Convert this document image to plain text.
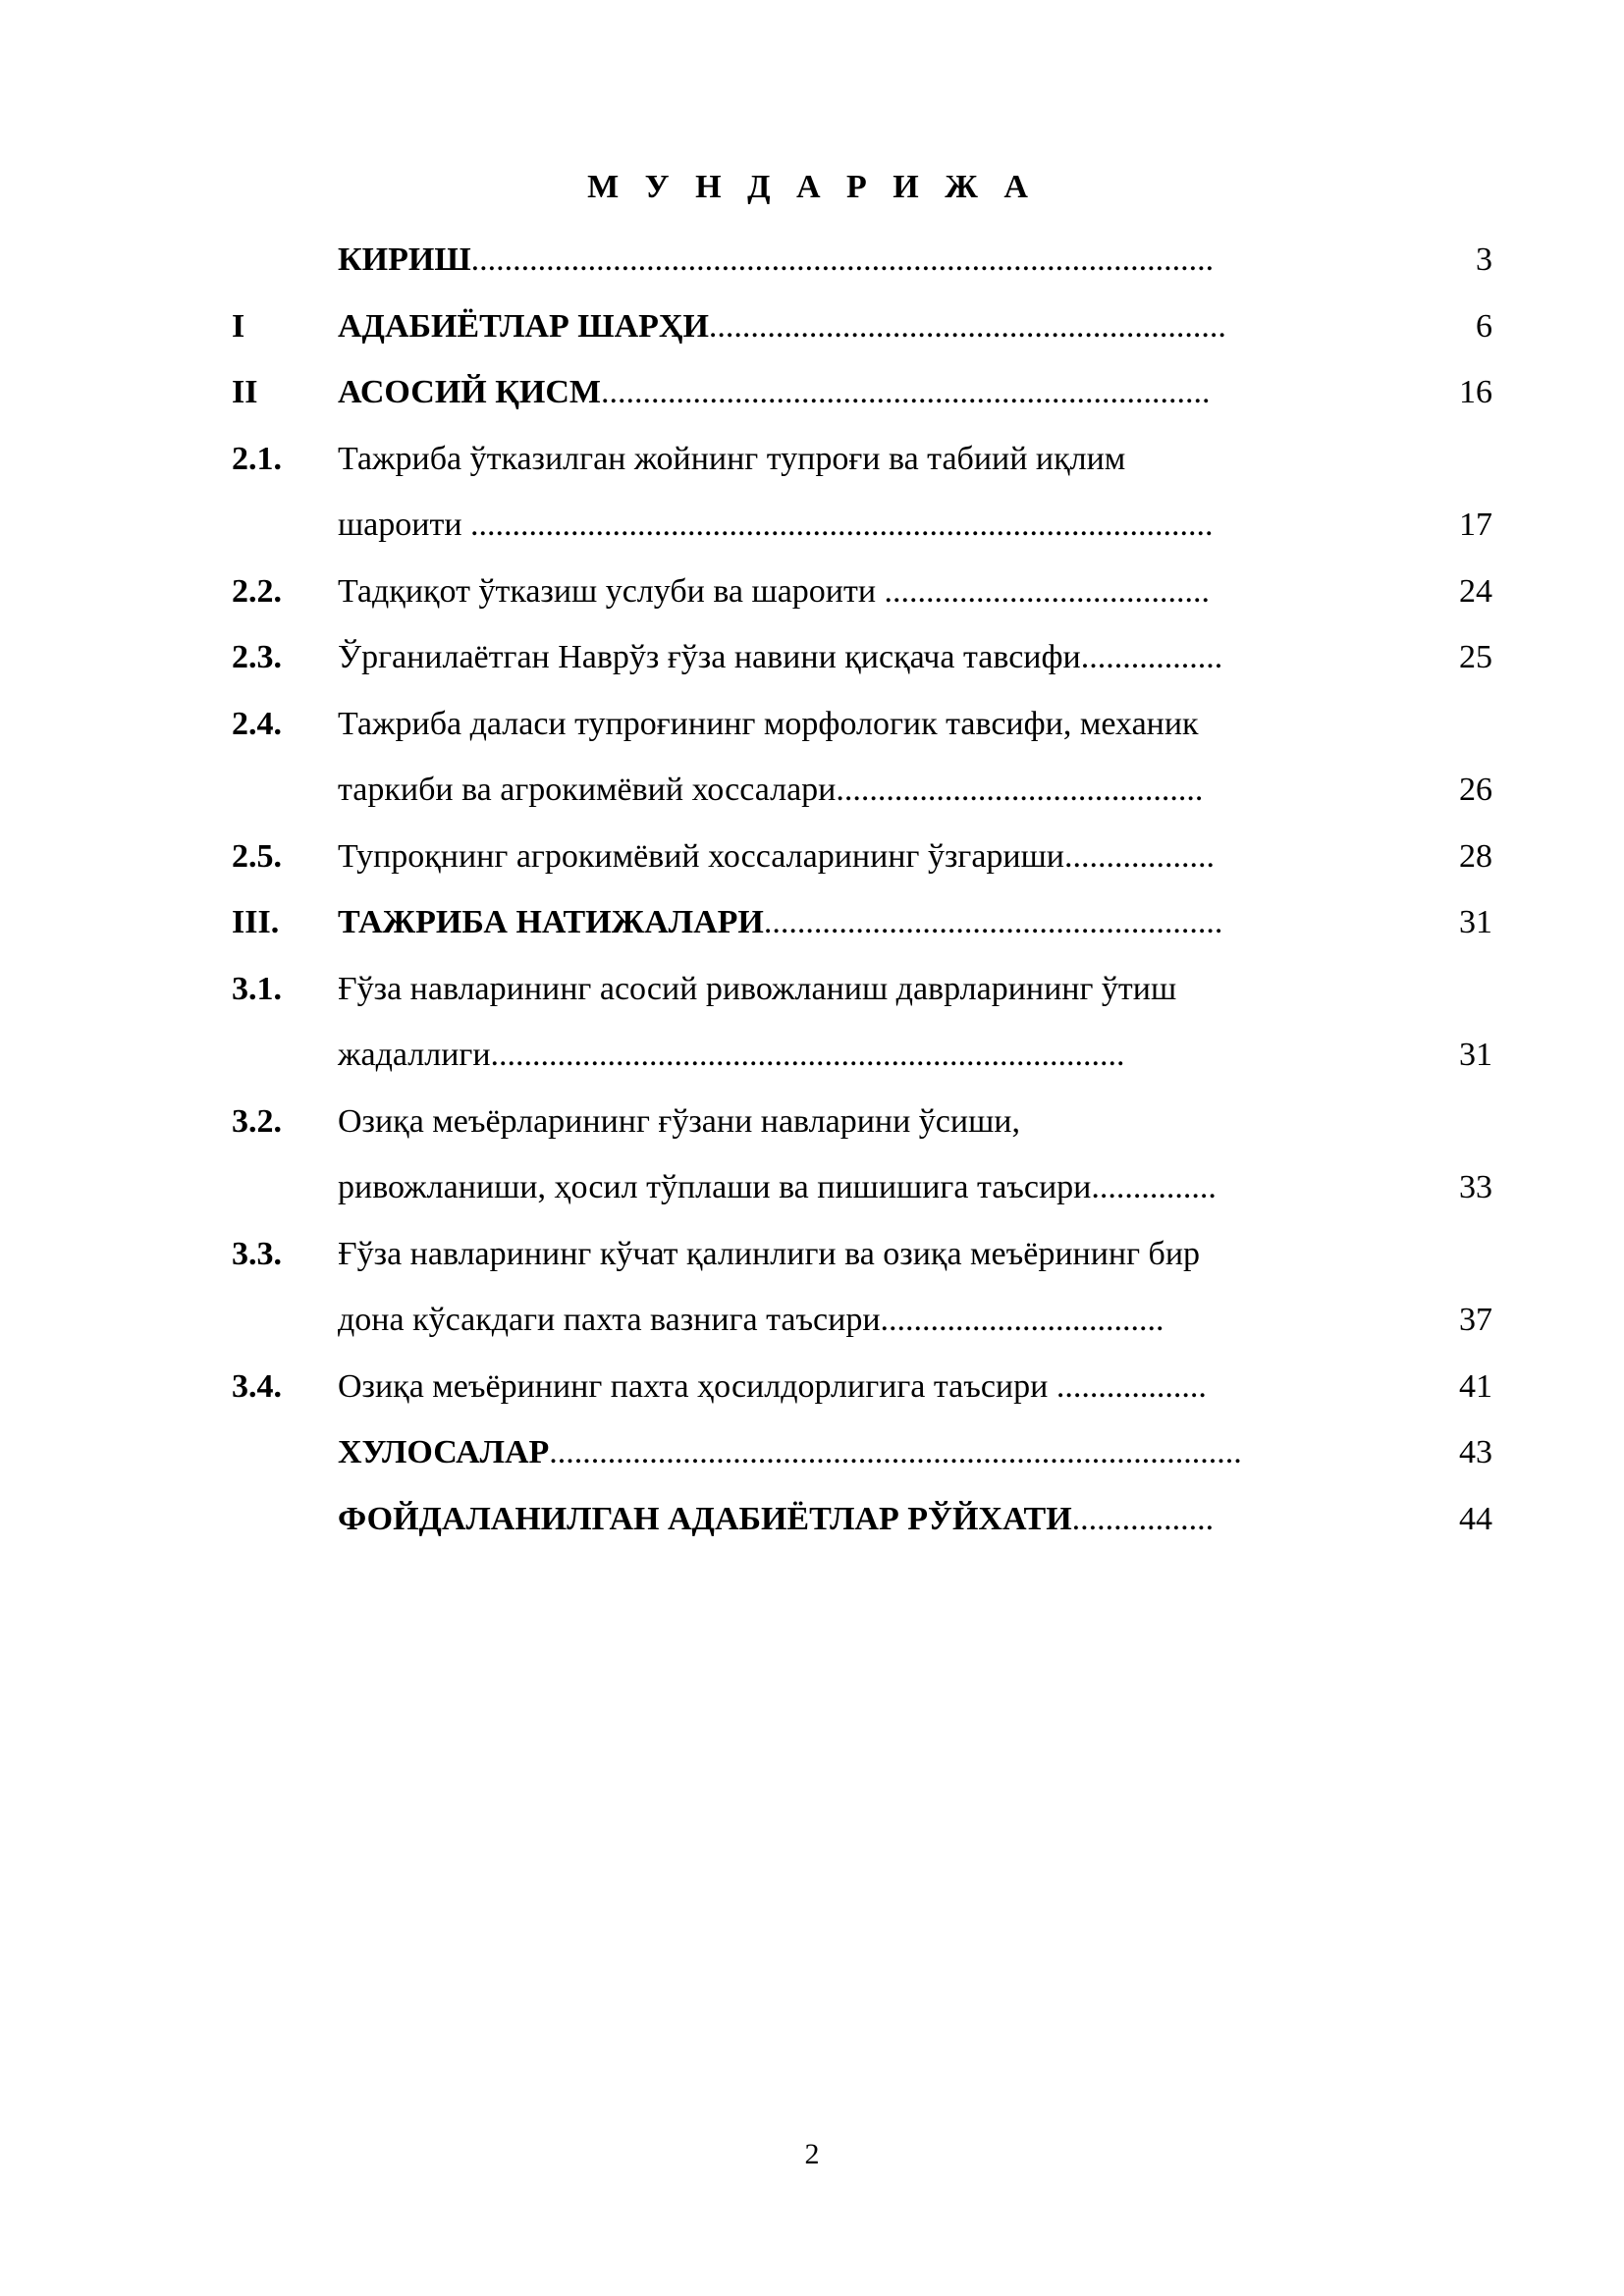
М У Н Д А Р И Ж А
КИРИШ.........................................................................................	3
I	АДАБИЁТЛАР ШАРҲИ..............................................................	6
II АСОСИЙ ҚИСМ.........................................................................	16
2.1. Тажриба ўтказилган жойнинг тупроғи ва табиий иқлим
шароити .........................................................................................	17
2.2. Тадқиқот ўтказиш услуби ва шароити .......................................	24
2.3. Ўрганилаётган Наврўз ғўза навини қисқача тавсифи.................	25
2.4. Тажриба даласи тупроғининг морфологик тавсифи, механик
таркиби ва агрокимёвий хоссалари............................................	26
2.5. Тупроқнинг агрокимёвий хоссаларининг ўзгариши..................	28
III. ТАЖРИБА НАТИЖАЛАРИ.......................................................	31
3.1. Ғўза навларининг асосий ривожланиш даврларининг ўтиш
жадаллиги............................................................................	31
3.2. Озиқа меъёрларининг ғўзани навларини ўсиши,
ривожланиши, ҳосил тўплаши ва пишишига таъсири...............	33
3.3. Ғўза навларининг кўчат қалинлиги ва озиқа меъёрининг бир
дона кўсакдаги пахта вазнига таъсири..................................	37
3.4. Озиқа меъёрининг пахта ҳосилдорлигига таъсири ..................	41
ХУЛОСАЛАР...................................................................................	43
ФОЙДАЛАНИЛГАН АДАБИЁТЛАР РЎЙХАТИ.................	44
2
